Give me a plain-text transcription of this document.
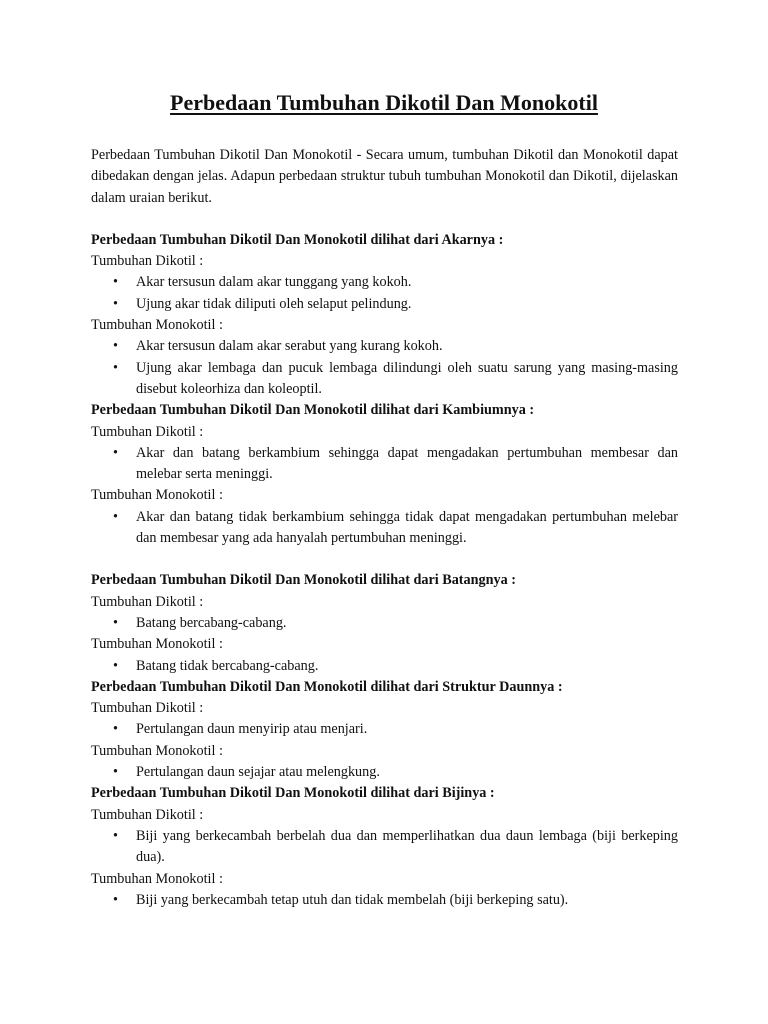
Perbedaan Tumbuhan Dikotil Dan Monokotil

Perbedaan Tumbuhan Dikotil Dan Monokotil - Secara umum, tumbuhan Dikotil dan Monokotil dapat dibedakan dengan jelas. Adapun perbedaan struktur tubuh tumbuhan Monokotil dan Dikotil, dijelaskan dalam uraian berikut.

Perbedaan Tumbuhan Dikotil Dan Monokotil dilihat dari Akarnya :

Tumbuhan Dikotil :

• Akar tersusun dalam akar tunggang yang kokoh.
• Ujung akar tidak diliputi oleh selaput pelindung.

Tumbuhan Monokotil :

• Akar tersusun dalam akar serabut yang kurang kokoh.
• Ujung akar lembaga dan pucuk lembaga dilindungi oleh suatu sarung yang masing-masing disebut koleorhiza dan koleoptil.

Perbedaan Tumbuhan Dikotil Dan Monokotil dilihat dari Kambiumnya :

Tumbuhan Dikotil :

• Akar dan batang berkambium sehingga dapat mengadakan pertumbuhan membesar dan melebar serta meninggi.

Tumbuhan Monokotil :

• Akar dan batang tidak berkambium sehingga tidak dapat mengadakan pertumbuhan melebar dan membesar yang ada hanyalah pertumbuhan meninggi.

Perbedaan Tumbuhan Dikotil Dan Monokotil dilihat dari Batangnya :

Tumbuhan Dikotil :

• Batang bercabang-cabang.

Tumbuhan Monokotil :

• Batang tidak bercabang-cabang.

Perbedaan Tumbuhan Dikotil Dan Monokotil dilihat dari Struktur Daunnya :

Tumbuhan Dikotil :

• Pertulangan daun menyirip atau menjari.

Tumbuhan Monokotil :

• Pertulangan daun sejajar atau melengkung.

Perbedaan Tumbuhan Dikotil Dan Monokotil dilihat dari Bijinya :

Tumbuhan Dikotil :

• Biji yang berkecambah berbelah dua dan memperlihatkan dua daun lembaga (biji berkeping dua).

Tumbuhan Monokotil :

• Biji yang berkecambah tetap utuh dan tidak membelah (biji berkeping satu).
